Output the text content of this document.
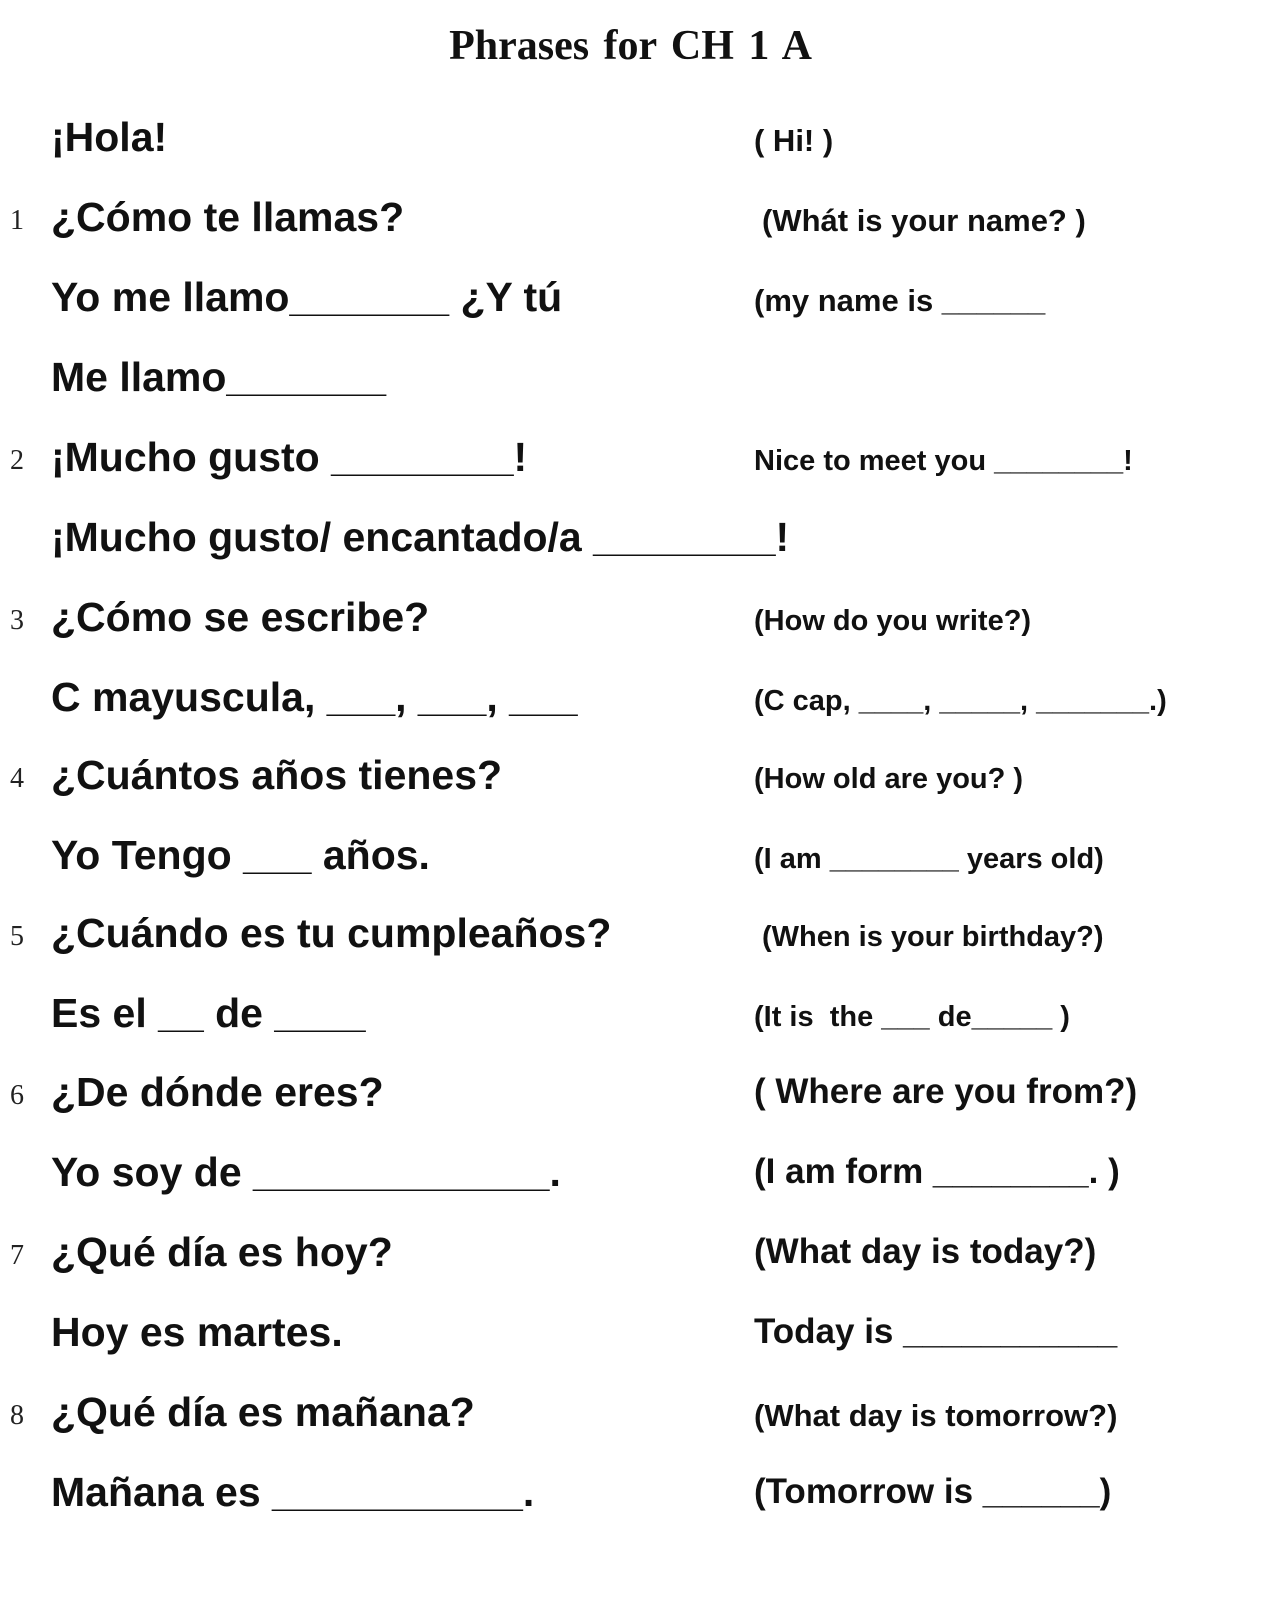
Phrases for CH 1 A
¡Hola!	( Hi! )
1 ¿Cómo te llamas?	(Whát is your name? )
Yo me llamo_______ ¿Y tú	(my name is ______
Me llamo_______
2 ¡Mucho gusto ________!	Nice to meet you ________!
¡Mucho gusto/ encantado/a ________!
3 ¿Cómo se escribe?	(How do you write?)
C mayuscula, ___, ___, ___	(C cap, ____, _____, _______.)
4 ¿Cuántos años tienes?	(How old are you? )
Yo Tengo ___ años.	(I am ________ years old)
5 ¿Cuándo es tu cumpleaños?	(When is your birthday?)
Es el __ de ____	(It is  the ___ de_____ )
6 ¿De dónde eres?	( Where are you from?)
Yo soy de _____________.	(I am form ________. )
7 ¿Qué día es hoy?	(What day is today?)
Hoy es martes.	Today is ___________
8 ¿Qué día es mañana?	(What day is tomorrow?)
Mañana es ___________.	(Tomorrow is ______)
